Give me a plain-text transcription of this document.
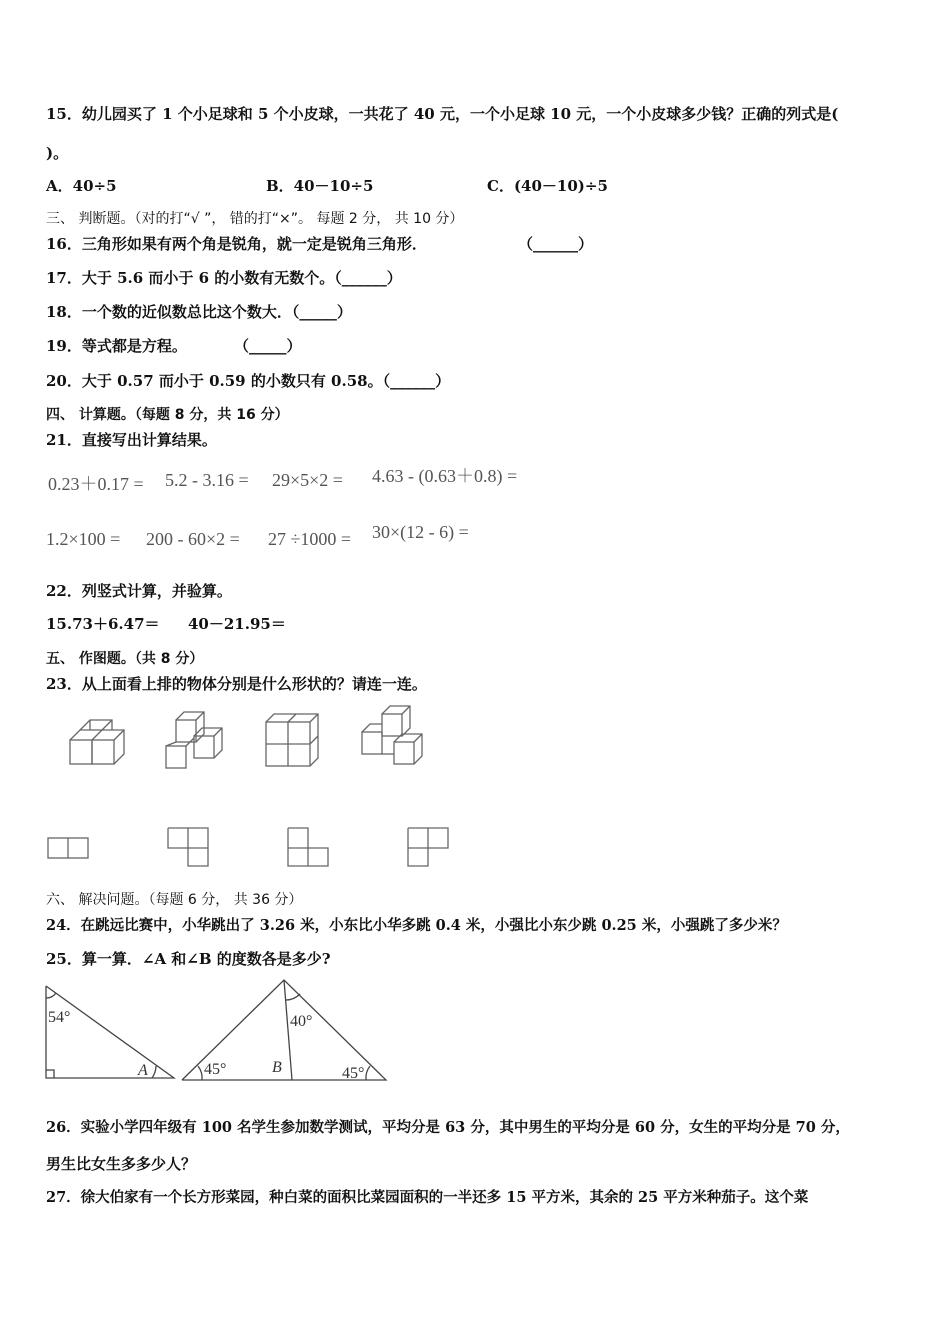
15．幼儿园买了 1 个小足球和 5 个小皮球，一共花了 40 元，一个小足球 10 元，一个小皮球多少钱？正确的列式是(
)。
A．40÷5	B．40－10÷5	C．(40－10)÷5
三、 判断题。（对的打“√ ”， 错的打“×”。 每题 2 分， 共 10 分）
16．三角形如果有两个角是锐角，就一定是锐角三角形．	（______）
17．大于 5.6 而小于 6 的小数有无数个。（______）
18．一个数的近似数总比这个数大．（_____）
19．等式都是方程。	（_____）
20．大于 0.57 而小于 0.59 的小数只有 0.58。（______）
四、 计算题。（每题 8 分，共 16 分）
21．直接写出计算结果。
0.23＋0.17 = 5.2 - 3.16 = 29×5×2 = 4.63 - (0.63＋0.8) =
1.2×100 = 200 - 60×2 = 27 ÷1000 = 30×(12 - 6) =
22．列竖式计算，并验算。
15.73＋6.47＝ 40－21.95＝
五、 作图题。（共 8 分）
23．从上面看上排的物体分别是什么形状的？请连一连。
六、 解决问题。（每题 6 分， 共 36 分）
24．在跳远比赛中，小华跳出了 3.26 米，小东比小华多跳 0.4 米，小强比小东少跳 0.25 米，小强跳了多少米？
25．算一算．∠A 和∠B 的度数各是多少?
54°
A
40°
45°	B	45°
26．实验小学四年级有 100 名学生参加数学测试，平均分是 63 分，其中男生的平均分是 60 分，女生的平均分是 70 分，
男生比女生多多少人？
27．徐大伯家有一个长方形菜园，种白菜的面积比菜园面积的一半还多 15 平方米，其余的 25 平方米种茄子。这个菜
